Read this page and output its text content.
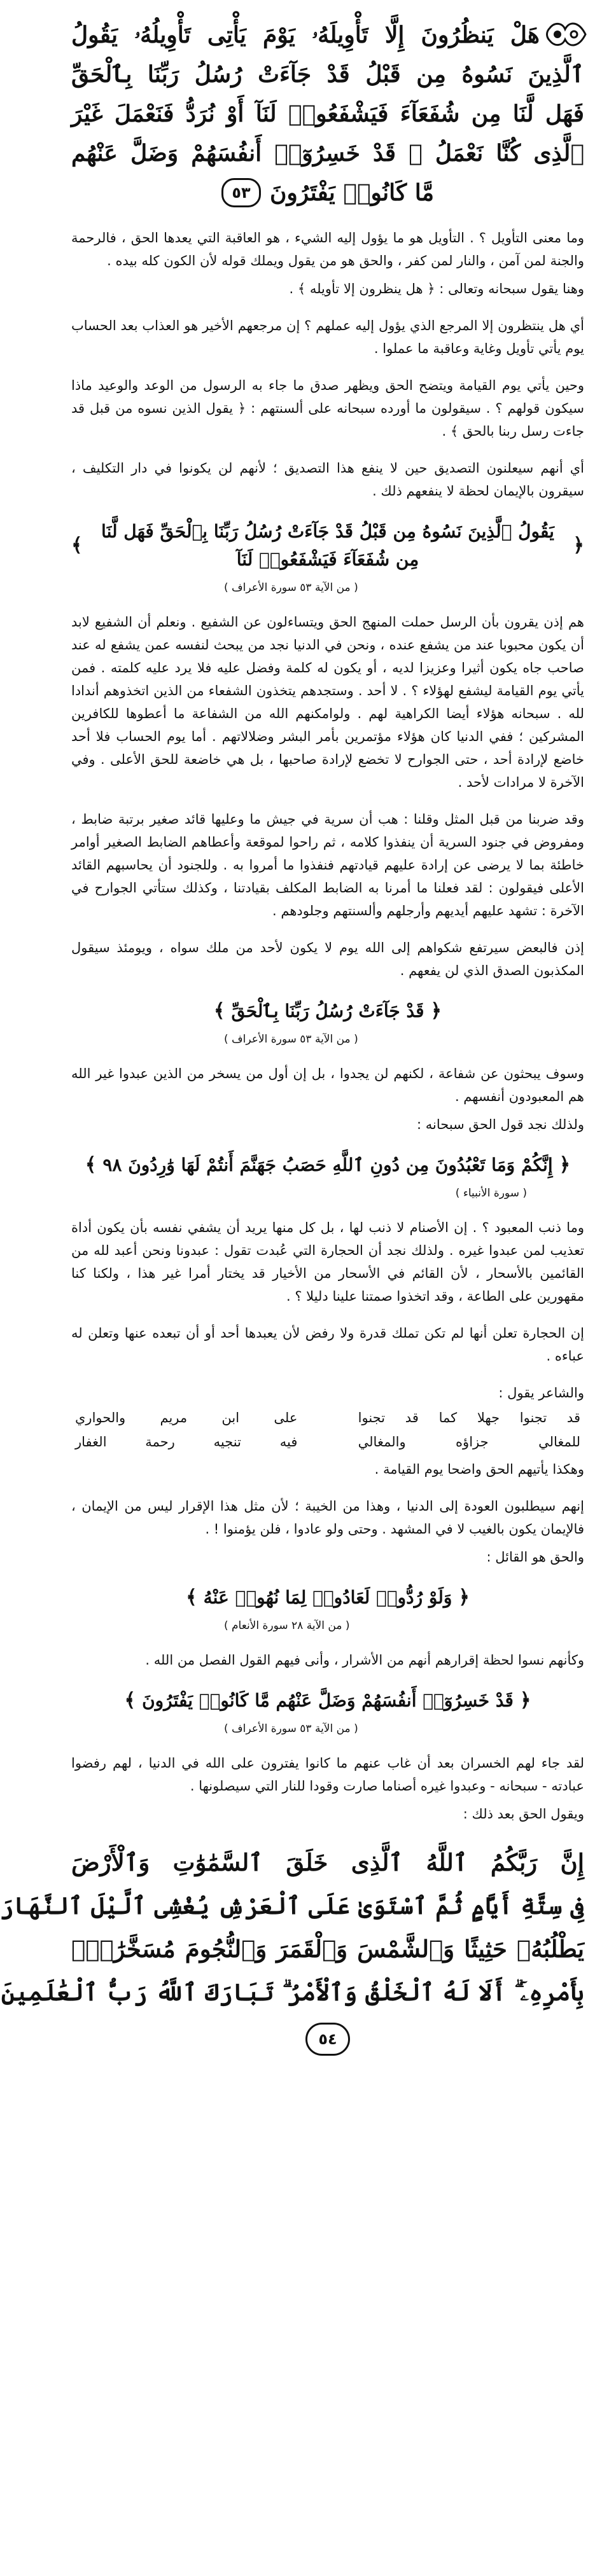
هَلْ يَنظُرُونَ إِلَّا تَأْوِيلَهُۥ يَوْمَ يَأْتِى تَأْوِيلُهُۥ يَقُولُ
ٱلَّذِينَ نَسُوهُ مِن قَبْلُ قَدْ جَآءَتْ رُسُلُ رَبِّنَا بِٱلْحَقِّ
فَهَل لَّنَا مِن شُفَعَآءَ فَيَشْفَعُوا۟ لَنَآ أَوْ نُرَدُّ فَنَعْمَلَ غَيْرَ
ٱلَّذِى كُنَّا نَعْمَلُ ۚ قَدْ خَسِرُوٓا۟ أَنفُسَهُمْ وَضَلَّ عَنْهُم
مَّا كَانُوا۟ يَفْتَرُونَ
٥٣

وما معنى التأويل ؟ . التأويل هو ما يؤول إليه الشيء ، هو العاقبة التي يعدها الحق ، فالرحمة والجنة لمن آمن ، والنار لمن كفر ، والحق هو من يقول ويملك قوله لأن الكون كله بيده .

وهنا يقول سبحانه وتعالى : ﴿ هل ينظرون إلا تأويله ﴾ .

أي هل ينتظرون إلا المرجع الذي يؤول إليه عملهم ؟ إن مرجعهم الأخير هو العذاب بعد الحساب يوم يأتي تأويل وغاية وعاقبة ما عملوا .

وحين يأتي يوم القيامة ويتضح الحق ويظهر صدق ما جاء به الرسول من الوعد والوعيد ماذا سيكون قولهم ؟ . سيقولون ما أورده سبحانه على ألسنتهم : ﴿ يقول الذين نسوه من قبل قد جاءت رسل ربنا بالحق ﴾ .

أي أنهم سيعلنون التصديق حين لا ينفع هذا التصديق ؛ لأنهم لن يكونوا في دار التكليف ، سيقرون بالإيمان لحظة لا ينفعهم ذلك .

﴿
يَقُولُ ٱلَّذِينَ نَسُوهُ مِن قَبْلُ قَدْ جَآءَتْ رُسُلُ رَبِّنَا بِٱلْحَقِّ فَهَل لَّنَا مِن شُفَعَآءَ فَيَشْفَعُوا۟ لَنَآ
﴾
( من الآية ٥٣ سورة الأعراف )

هم إذن يقرون بأن الرسل حملت المنهج الحق ويتساءلون عن الشفيع . ونعلم أن الشفيع لابد أن يكون محبوبا عند من يشفع عنده ، ونحن في الدنيا نجد من يبحث لنفسه عمن يشفع له عند صاحب جاه يكون أثيرا وعزيزا لديه ، أو يكون له كلمة وفضل عليه فلا يرد عليه كلمته . فمن يأتي يوم القيامة ليشفع لهؤلاء ؟ . لا أحد . وستجدهم يتخذون الشفعاء من الذين اتخذوهم أندادا لله . سبحانه هؤلاء أيضا الكراهية لهم . ولوامكنهم الله من الشفاعة ما أعطوها للكافرين المشركين ؛ ففي الدنيا كان هؤلاء مؤتمرين بأمر البشر وضلالاتهم . أما يوم الحساب فلا أحد خاضع لإرادة أحد ، حتى الجوارح لا تخضع لإرادة صاحبها ، بل هي خاضعة للحق الأعلى . وفي الآخرة لا مرادات لأحد .

وقد ضربنا من قبل المثل وقلنا : هب أن سرية في جيش ما وعليها قائد صغير برتبة ضابط ، ومفروض في جنود السرية أن ينفذوا كلامه ، ثم راحوا لموقعة وأعطاهم الضابط الصغير أوامر خاطئة بما لا يرضى عن إرادة عليهم قيادتهم فنفذوا ما أمروا به . وللجنود أن يحاسبهم القائد الأعلى فيقولون : لقد فعلنا ما أمرنا به الضابط المكلف بقيادتنا ، وكذلك ستأتي الجوارح في الآخرة : تشهد عليهم أيديهم وأرجلهم وألسنتهم وجلودهم .

إذن فالبعض سيرتفع شكواهم إلى الله يوم لا يكون لأحد من ملك سواه ، ويومئذ سيقول المكذبون الصدق الذي لن يفعهم .

﴿
قَدْ جَآءَتْ رُسُلُ رَبِّنَا بِٱلْحَقِّ
﴾
( من الآية ٥٣ سورة الأعراف )

وسوف يبحثون عن شفاعة ، لكنهم لن يجدوا ، بل إن أول من يسخر من الذين عبدوا غير الله هم المعبودون أنفسهم .

ولذلك نجد قول الحق سبحانه :

﴿
إِنَّكُمْ وَمَا تَعْبُدُونَ مِن دُونِ ٱللَّهِ حَصَبُ جَهَنَّمَ أَنتُمْ لَهَا وَٰرِدُونَ ٩٨
﴾
( سورة الأنبياء )

وما ذنب المعبود ؟ . إن الأصنام لا ذنب لها ، بل كل منها يريد أن يشفي نفسه بأن يكون أداة تعذيب لمن عبدوا غيره . ولذلك نجد أن الحجارة التي عُبدت تقول : عبدونا ونحن أعبد لله من القائمين بالأسحار ، لأن القائم في الأسحار من الأخيار قد يختار أمرا غير هذا ، ولكنا كنا مقهورين على الطاعة ، وقد اتخذوا صمتنا علينا دليلا ؟ .

إن الحجارة تعلن أنها لم تكن تملك قدرة ولا رفض لأن يعبدها أحد أو أن تبعده عنها وتعلن له عباءه .

والشاعر يقول :

قد تجنوا جهلا كما قد تجنوا
على ابن مريم والحواري
للمغالي جزاؤه والمغالي
فيه تنجيه رحمة الغفار

وهكذا يأتيهم الحق واضحا يوم القيامة .

إنهم سيطلبون العودة إلى الدنيا ، وهذا من الخيبة ؛ لأن مثل هذا الإقرار ليس من الإيمان ، فالإيمان يكون بالغيب لا في المشهد . وحتى ولو عادوا ، فلن يؤمنوا ! .

والحق هو القائل :

﴿
وَلَوْ رُدُّوا۟ لَعَادُوا۟ لِمَا نُهُوا۟ عَنْهُ
﴾
( من الآية ٢٨ سورة الأنعام )

وكأنهم نسوا لحظة إقرارهم أنهم من الأشرار ، وأنى فيهم القول الفصل من الله .

﴿
قَدْ خَسِرُوٓا۟ أَنفُسَهُمْ وَضَلَّ عَنْهُم مَّا كَانُوا۟ يَفْتَرُونَ
﴾
( من الآية ٥٣ سورة الأعراف )

لقد جاء لهم الخسران بعد أن غاب عنهم ما كانوا يفترون على الله في الدنيا ، لهم رفضوا عبادته - سبحانه - وعبدوا غيره أصناما صارت وقودا للنار التي سيصلونها .

ويقول الحق بعد ذلك :

إِنَّ رَبَّكُمُ ٱللَّهُ ٱلَّذِى خَلَقَ ٱلسَّمَٰوَٰتِ وَٱلْأَرْضَ
فِى سِتَّةِ أَيَّامٍ ثُمَّ ٱسْتَوَىٰ عَلَى ٱلْعَرْشِ يُغْشِى ٱلَّيْلَ ٱلنَّهَارَ
يَطْلُبُهُۥ حَثِيثًا وَٱلشَّمْسَ وَٱلْقَمَرَ وَٱلنُّجُومَ مُسَخَّرَٰتٍۭ
بِأَمْرِهِۦٓ ۗ أَلَا لَهُ ٱلْخَلْقُ وَٱلْأَمْرُ ۗ تَبَارَكَ ٱللَّهُ رَبُّ ٱلْعَٰلَمِينَ
٥٤
